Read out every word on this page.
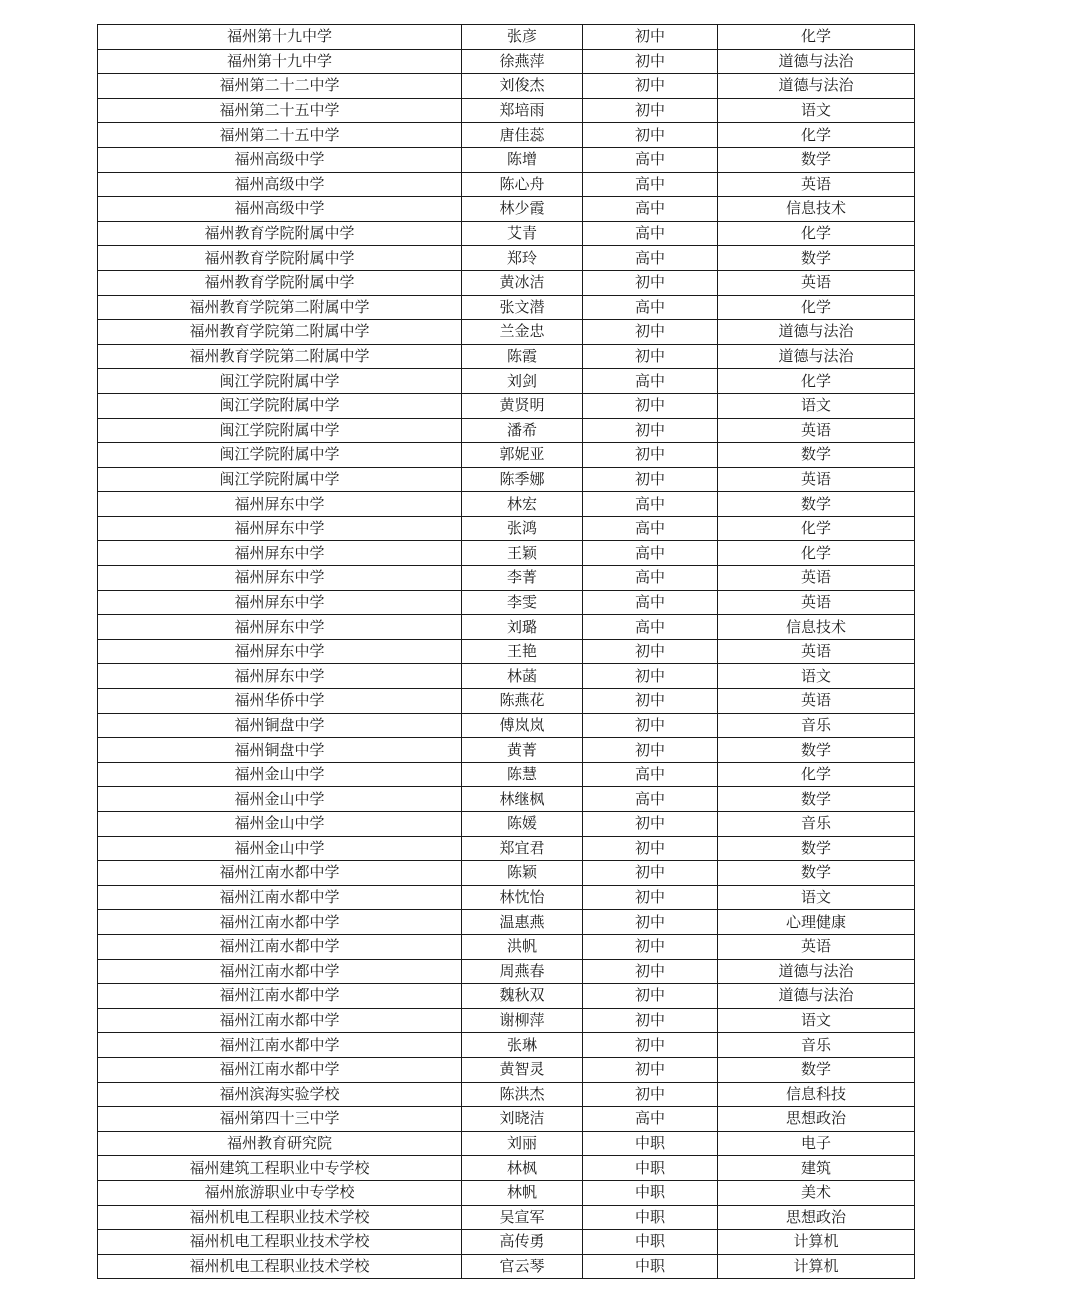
福州第十九中学	张彦	初中	化学
福州第十九中学	徐燕萍	初中	道德与法治
福州第二十二中学	刘俊杰	初中	道德与法治
福州第二十五中学	郑培雨	初中	语文
福州第二十五中学	唐佳蕊	初中	化学
福州高级中学	陈增	高中	数学
福州高级中学	陈心舟	高中	英语
福州高级中学	林少霞	高中	信息技术
福州教育学院附属中学	艾青	高中	化学
福州教育学院附属中学	郑玲	高中	数学
福州教育学院附属中学	黄冰洁	初中	英语
福州教育学院第二附属中学	张文潜	高中	化学
福州教育学院第二附属中学	兰金忠	初中	道德与法治
福州教育学院第二附属中学	陈霞	初中	道德与法治
闽江学院附属中学	刘剑	高中	化学
闽江学院附属中学	黄贤明	初中	语文
闽江学院附属中学	潘希	初中	英语
闽江学院附属中学	郭妮亚	初中	数学
闽江学院附属中学	陈季娜	初中	英语
福州屏东中学	林宏	高中	数学
福州屏东中学	张鸿	高中	化学
福州屏东中学	王颖	高中	化学
福州屏东中学	李菁	高中	英语
福州屏东中学	李雯	高中	英语
福州屏东中学	刘璐	高中	信息技术
福州屏东中学	王艳	初中	英语
福州屏东中学	林菡	初中	语文
福州华侨中学	陈燕花	初中	英语
福州铜盘中学	傅岚岚	初中	音乐
福州铜盘中学	黄菁	初中	数学
福州金山中学	陈慧	高中	化学
福州金山中学	林继枫	高中	数学
福州金山中学	陈媛	初中	音乐
福州金山中学	郑宜君	初中	数学
福州江南水都中学	陈颖	初中	数学
福州江南水都中学	林忱怡	初中	语文
福州江南水都中学	温惠燕	初中	心理健康
福州江南水都中学	洪帆	初中	英语
福州江南水都中学	周燕春	初中	道德与法治
福州江南水都中学	魏秋双	初中	道德与法治
福州江南水都中学	谢柳萍	初中	语文
福州江南水都中学	张琳	初中	音乐
福州江南水都中学	黄智灵	初中	数学
福州滨海实验学校	陈洪杰	初中	信息科技
福州第四十三中学	刘晓洁	高中	思想政治
福州教育研究院	刘丽	中职	电子
福州建筑工程职业中专学校	林枫	中职	建筑
福州旅游职业中专学校	林帆	中职	美术
福州机电工程职业技术学校	吴宣军	中职	思想政治
福州机电工程职业技术学校	高传勇	中职	计算机
福州机电工程职业技术学校	官云琴	中职	计算机
